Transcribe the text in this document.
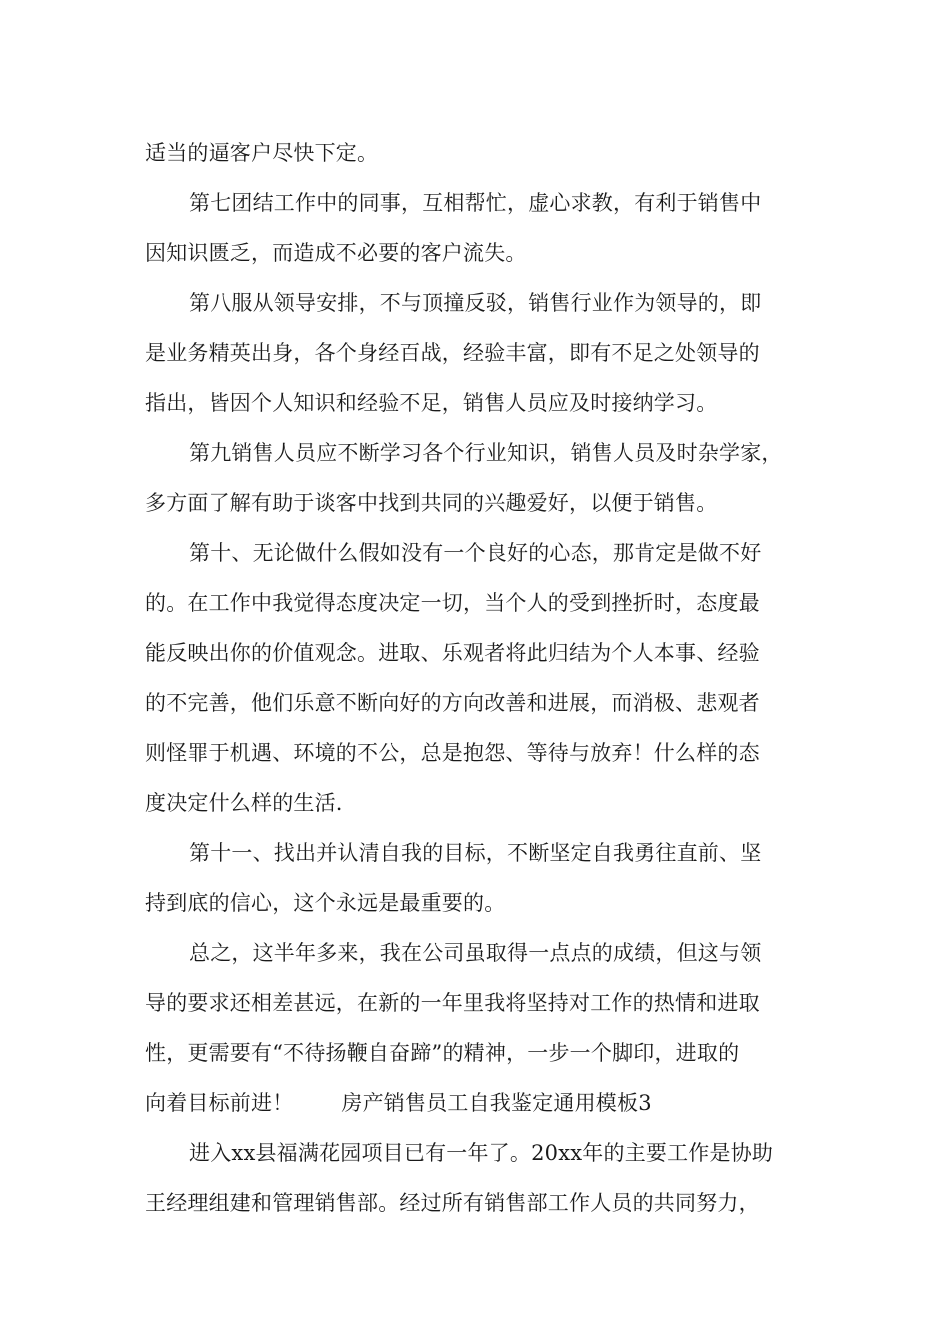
适当的逼客户尽快下定。
第七团结工作中的同事，互相帮忙，虚心求教，有利于销售中
因知识匮乏，而造成不必要的客户流失。
第八服从领导安排，不与顶撞反驳，销售行业作为领导的，即
是业务精英出身，各个身经百战，经验丰富，即有不足之处领导的
指出，皆因个人知识和经验不足，销售人员应及时接纳学习。
第九销售人员应不断学习各个行业知识，销售人员及时杂学家，
多方面了解有助于谈客中找到共同的兴趣爱好，以便于销售。
第十、无论做什么假如没有一个良好的心态，那肯定是做不好
的。在工作中我觉得态度决定一切，当个人的受到挫折时，态度最
能反映出你的价值观念。进取、乐观者将此归结为个人本事、经验
的不完善，他们乐意不断向好的方向改善和进展，而消极、悲观者
则怪罪于机遇、环境的不公，总是抱怨、等待与放弃！什么样的态
度决定什么样的生活.
第十一、找出并认清自我的目标，不断坚定自我勇往直前、坚
持到底的信心，这个永远是最重要的。
总之，这半年多来，我在公司虽取得一点点的成绩，但这与领
导的要求还相差甚远，在新的一年里我将坚持对工作的热情和进取
性，更需要有“不待扬鞭自奋蹄”的精神，一步一个脚印，进取的
向着目标前进！ 房产销售员工自我鉴定通用模板3
进入xx县福满花园项目已有一年了。20xx年的主要工作是协助
王经理组建和管理销售部。经过所有销售部工作人员的共同努力，
